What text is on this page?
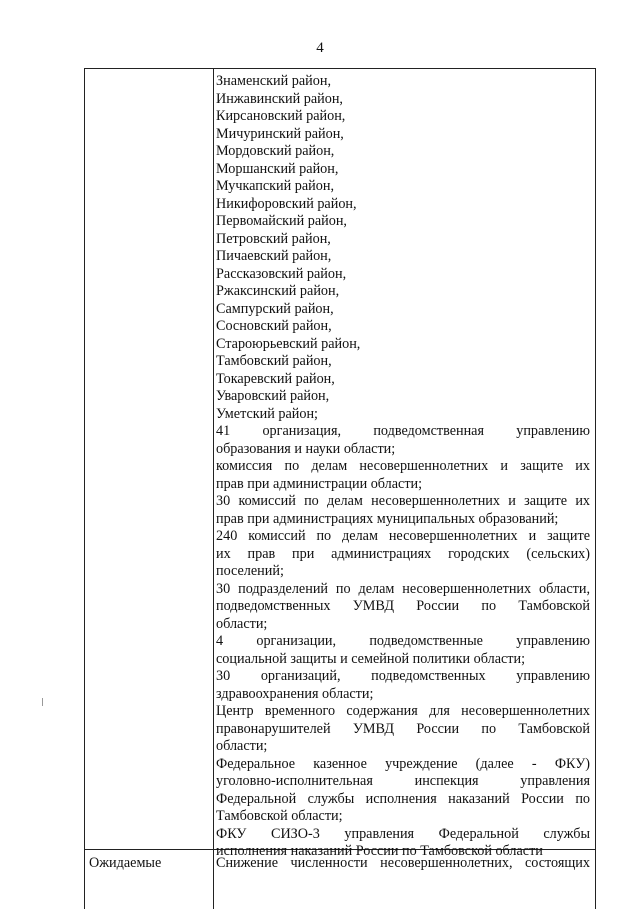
4
Знаменский район,
Инжавинский район,
Кирсановский район,
Мичуринский район,
Мордовский район,
Моршанский район,
Мучкапский район,
Никифоровский район,
Первомайский район,
Петровский район,
Пичаевский район,
Рассказовский район,
Ржаксинский район,
Сампурский район,
Сосновский район,
Староюрьевский район,
Тамбовский район,
Токаревский район,
Уваровский район,
Уметский район;
41 организация, подведомственная управлению
образования и науки области;
комиссия по делам несовершеннолетних и защите их
прав при администрации области;
30 комиссий по делам несовершеннолетних и защите их
прав при администрациях муниципальных образований;
240 комиссий по делам несовершеннолетних и защите
их прав при администрациях городских (сельских)
поселений;
30 подразделений по делам несовершеннолетних области,
подведомственных УМВД России по Тамбовской
области;
4 организации, подведомственные управлению
социальной защиты и семейной политики области;
30 организаций, подведомственных управлению
здравоохранения области;
Центр временного содержания для несовершеннолетних
правонарушителей УМВД России по Тамбовской
области;
Федеральное казенное учреждение (далее - ФКУ)
уголовно-исполнительная инспекция управления
Федеральной службы исполнения наказаний России по
Тамбовской области;
ФКУ СИЗО-3 управления Федеральной службы
исполнения наказаний России по Тамбовской области
Ожидаемые	Снижение численности несовершеннолетних, состоящих
